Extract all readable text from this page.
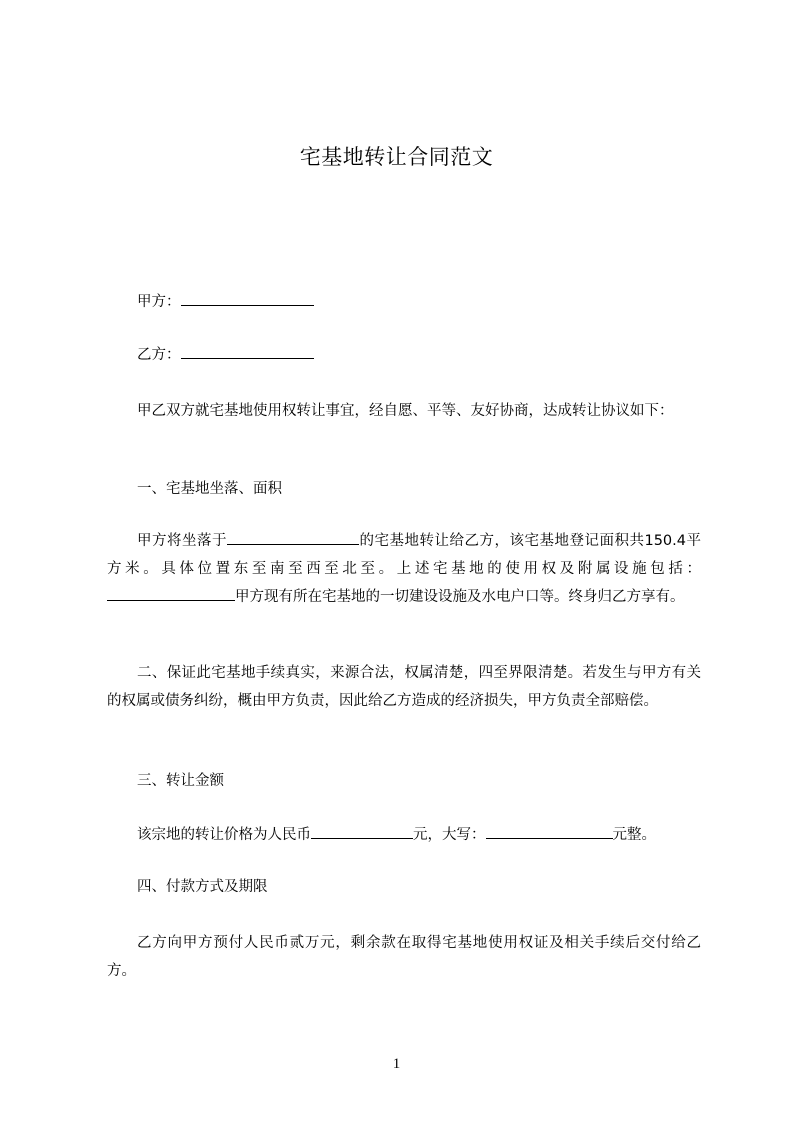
宅基地转让合同范文
甲方：
乙方：
甲乙双方就宅基地使用权转让事宜，经自愿、平等、友好协商，达成转让协议如下：
一、宅基地坐落、面积
甲方将坐落于	的宅基地转让给乙方，该宅基地登记面积共150.4平方米。具体位置东至南至西至北至。上述宅基地的使用权及附属设施包括：甲方现有所在宅基地的一切建设设施及水电户口等。终身归乙方享有。
二、保证此宅基地手续真实，来源合法，权属清楚，四至界限清楚。若发生与甲方有关的权属或债务纠纷，概由甲方负责，因此给乙方造成的经济损失，甲方负责全部赔偿。
三、转让金额
该宗地的转让价格为人民币	元，大写：	元整。
四、付款方式及期限
乙方向甲方预付人民币贰万元，剩余款在取得宅基地使用权证及相关手续后交付给乙方。
1
